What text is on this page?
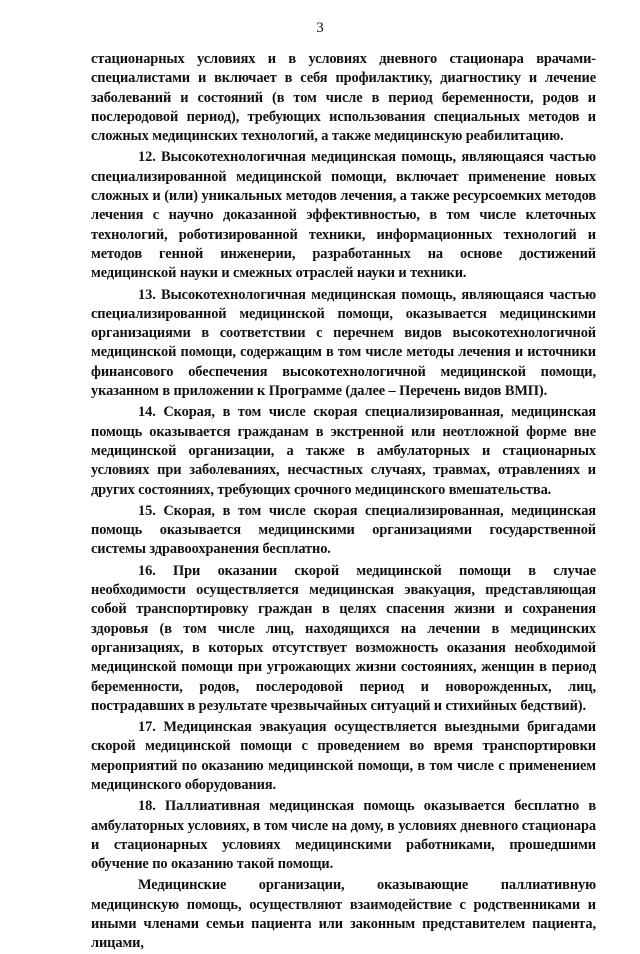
3

стационарных условиях и в условиях дневного стационара врачами-специалистами и включает в себя профилактику, диагностику и лечение заболеваний и состояний (в том числе в период беременности, родов и послеродовой период), требующих использования специальных методов и сложных медицинских технологий, а также медицинскую реабилитацию.

12. Высокотехнологичная медицинская помощь, являющаяся частью специализированной медицинской помощи, включает применение новых сложных и (или) уникальных методов лечения, а также ресурсоемких методов лечения с научно доказанной эффективностью, в том числе клеточных технологий, роботизированной техники, информационных технологий и методов генной инженерии, разработанных на основе достижений медицинской науки и смежных отраслей науки и техники.

13. Высокотехнологичная медицинская помощь, являющаяся частью специализированной медицинской помощи, оказывается медицинскими организациями в соответствии с перечнем видов высокотехнологичной медицинской помощи, содержащим в том числе методы лечения и источники финансового обеспечения высокотехнологичной медицинской помощи, указанном в приложении к Программе (далее – Перечень видов ВМП).

14. Скорая, в том числе скорая специализированная, медицинская помощь оказывается гражданам в экстренной или неотложной форме вне медицинской организации, а также в амбулаторных и стационарных условиях при заболеваниях, несчастных случаях, травмах, отравлениях и других состояниях, требующих срочного медицинского вмешательства.

15. Скорая, в том числе скорая специализированная, медицинская помощь оказывается медицинскими организациями государственной системы здравоохранения бесплатно.

16. При оказании скорой медицинской помощи в случае необходимости осуществляется медицинская эвакуация, представляющая собой транспортировку граждан в целях спасения жизни и сохранения здоровья (в том числе лиц, находящихся на лечении в медицинских организациях, в которых отсутствует возможность оказания необходимой медицинской помощи при угрожающих жизни состояниях, женщин в период беременности, родов, послеродовой период и новорожденных, лиц, пострадавших в результате чрезвычайных ситуаций и стихийных бедствий).

17. Медицинская эвакуация осуществляется выездными бригадами скорой медицинской помощи с проведением во время транспортировки мероприятий по оказанию медицинской помощи, в том числе с применением медицинского оборудования.

18. Паллиативная медицинская помощь оказывается бесплатно в амбулаторных условиях, в том числе на дому, в условиях дневного стационара и стационарных условиях медицинскими работниками, прошедшими обучение по оказанию такой помощи.

Медицинские организации, оказывающие паллиативную медицинскую помощь, осуществляют взаимодействие с родственниками и иными членами семьи пациента или законным представителем пациента, лицами,
